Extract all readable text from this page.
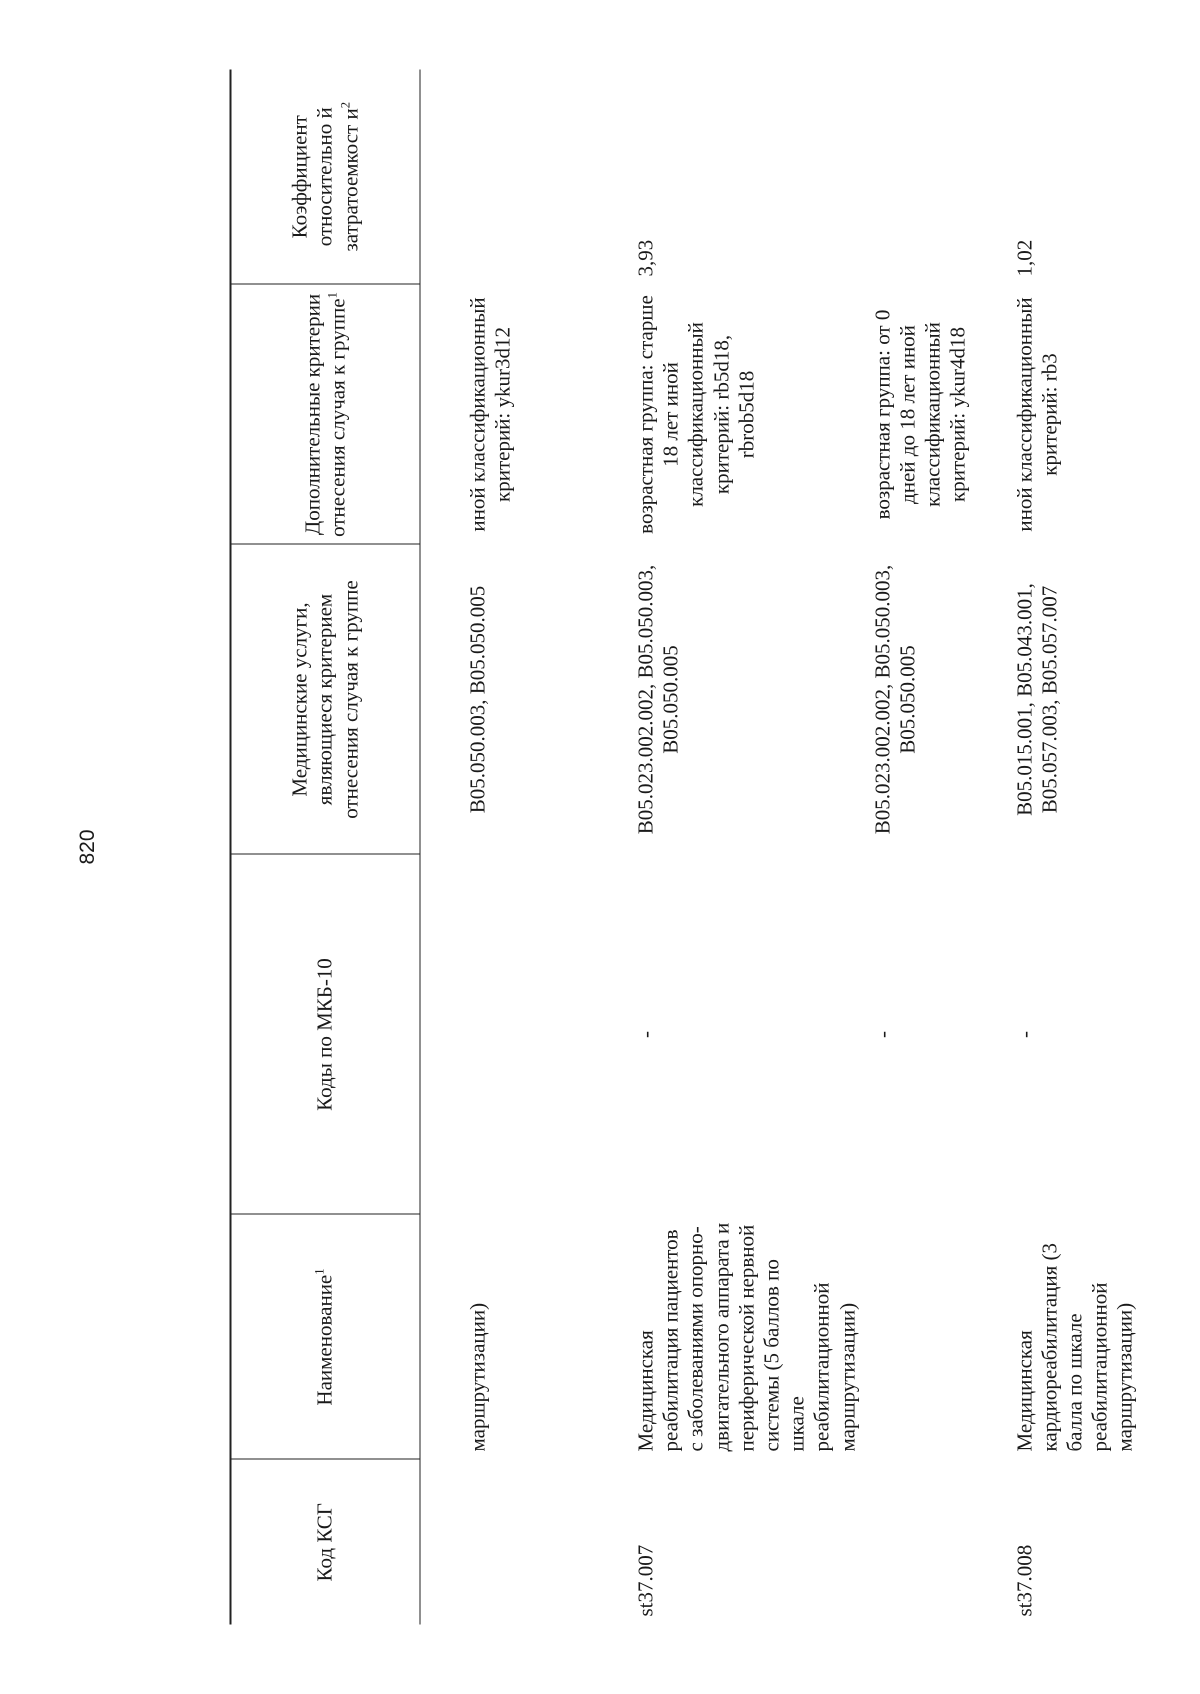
820
Код КСГ	Наименование$^1$	Коды по МКБ-10	Медицинские услуги, являющиеся критерием отнесения случая к группе	Дополнительные критерии отнесения случая к группе$^1$	Коэффициент относительно й затратоемкост $и^2$
	маршрутизации)		B05.050.003, B05.050.005	иной классификационный критерий: ykur3d12	
st37.007	Медицинская реабилитация пациентов с заболеваниями опорно-двигательного аппарата и периферической нервной системы (5 баллов по шкале реабилитационной маршрутизации)	-	B05.023.002.002, B05.050.003, B05.050.005	возрастная группа: старше 18 лет иной классификационный критерий: rb5d18, rbrob5d18	3,93
		-	B05.023.002.002, B05.050.003, B05.050.005	возрастная группа: от 0 дней до 18 лет иной классификационный критерий: ykur4d18	
st37.008	Медицинская кардиореабилитация (3 балла по шкале реабилитационной маршрутизации)	-	B05.015.001, B05.043.001, B05.057.003, B05.057.007	иной классификационный критерий: rb3	1,02
